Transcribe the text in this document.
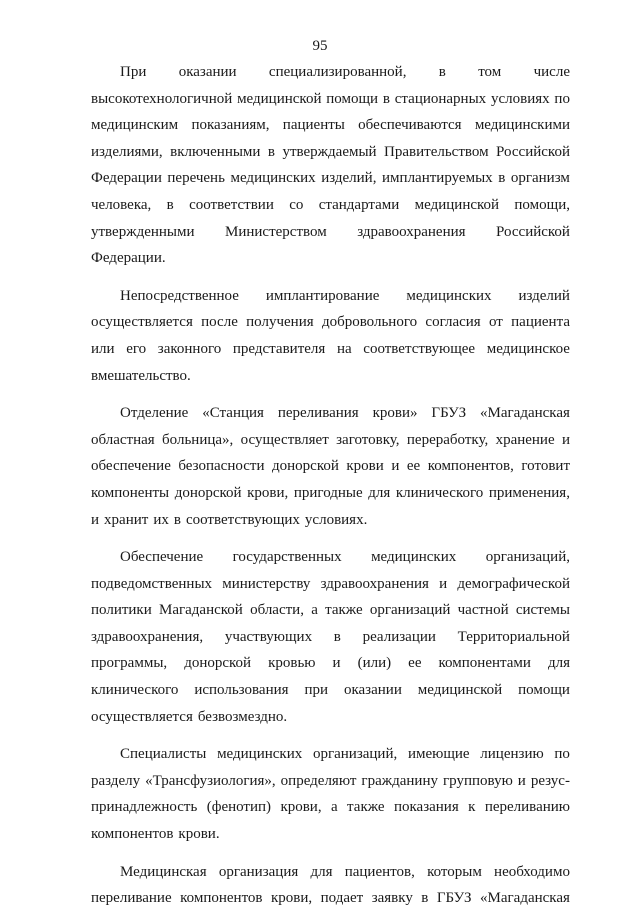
95
При оказании специализированной, в том числе
высокотехнологичной медицинской помощи в стационарных условиях по
медицинским показаниям, пациенты обеспечиваются медицинскими
изделиями, включенными в утверждаемый Правительством Российской
Федерации перечень медицинских изделий, имплантируемых в организм
человека, в соответствии со стандартами медицинской помощи,
утвержденными Министерством здравоохранения Российской
Федерации.
Непосредственное имплантирование медицинских изделий
осуществляется после получения добровольного согласия от пациента
или его законного представителя на соответствующее медицинское
вмешательство.
Отделение «Станция переливания крови» ГБУЗ «Магаданская
областная больница», осуществляет заготовку, переработку, хранение и
обеспечение безопасности донорской крови и ее компонентов, готовит
компоненты донорской крови, пригодные для клинического применения,
и хранит их в соответствующих условиях.
Обеспечение государственных медицинских организаций,
подведомственных министерству здравоохранения и демографической
политики Магаданской области, а также организаций частной системы
здравоохранения, участвующих в реализации Территориальной
программы, донорской кровью и (или) ее компонентами для
клинического использования при оказании медицинской помощи
осуществляется безвозмездно.
Специалисты медицинских организаций, имеющие лицензию по
разделу «Трансфузиология», определяют гражданину групповую и резус-
принадлежность (фенотип) крови, а также показания к переливанию
компонентов крови.
Медицинская организация для пациентов, которым необходимо
переливание компонентов крови, подает заявку в ГБУЗ «Магаданская
